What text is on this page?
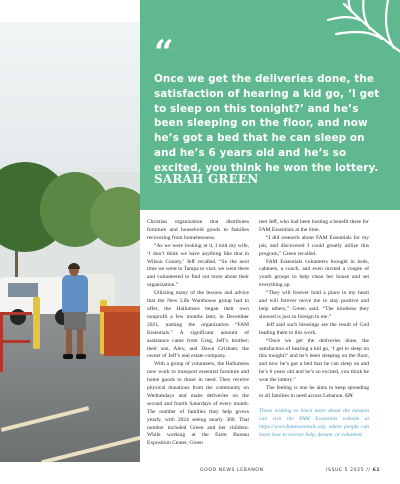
“
Once we get the deliveries done, the satisfaction of hearing a kid go, ‘I get to sleep on this tonight?’ and he’s been sleeping on the floor, and now he’s got a bed that he can sleep on and he’s 6 years old and he’s so excited, you think he won the lottery.
SARAH GREEN

Christian organization that distributes furniture and household goods to families recovering from homelessness.

“As we were looking at it, I told my wife, ‘I don’t think we have anything like that in Wilson County,’ Jeff recalled. “So the next time we went to Tampa to visit, we went there and volunteered to find out more about their organization.”

Utilizing many of the lessons and advice that the New Life Warehouse group had to offer, the Hallumses began their own nonprofit a few months later, in December 2021, naming the organization “FAM Essentials.” A significant amount of assistance came from Greg, Jeff’s brother; their son, Alex; and Dawn Grisham, the owner of Jeff’s real estate company.

With a group of volunteers, the Hallumses now work to transport essential furniture and home goods to those in need. They receive physical donations from the community on Wednesdays and make deliveries on the second and fourth Saturdays of every month. The number of families they help grows yearly, with 2024 seeing nearly 300. That number included Green and her children. While working at the Farm Bureau Exposition Center, Green

met Jeff, who had been hosting a benefit there for FAM Essentials at the time.

“I did research about FAM Essentials for my job, and discovered I could greatly utilize this program,” Green recalled.

FAM Essentials volunteers brought in beds, cabinets, a couch, and even invited a couple of youth groups to help clean her house and set everything up.

“They will forever hold a place in my heart and will forever move me to stay positive and help others,” Green said. “The kindness they showed is just so foreign to me.”

Jeff said such blessings are the result of God leading them to this work.

“Once we get the deliveries done, the satisfaction of hearing a kid go, ‘I get to sleep on this tonight?’ and he’s been sleeping on the floor, and now he’s got a bed that he can sleep on and he’s 6 years old and he’s so excited, you think he won the lottery.”

The feeling is one he aims to keep spreading to all families in need across Lebanon. GN

Those wishing to learn more about the mission can visit the FAM Essentials website at https://www.famessentials.org, where people can learn how to receive help, donate, or volunteer.

GOOD NEWS LEBANON	ISSUE 5 2025 // 61
